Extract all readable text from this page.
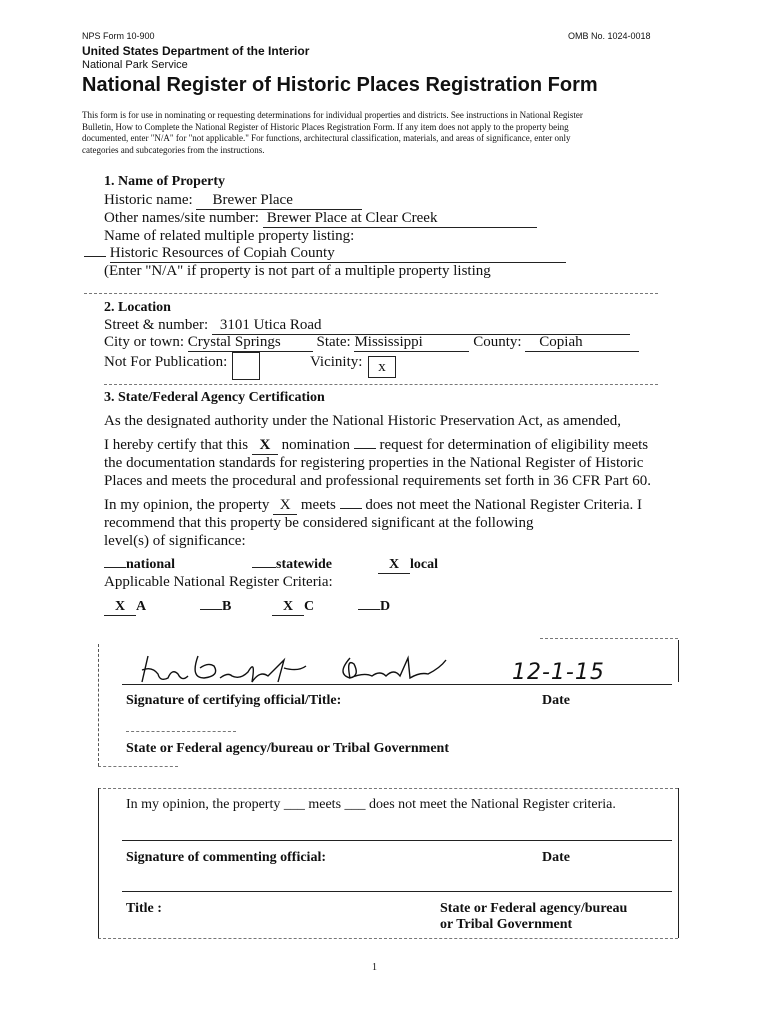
NPS Form 10-900	OMB No. 1024-0018
United States Department of the Interior
National Park Service
National Register of Historic Places Registration Form
This form is for use in nominating or requesting determinations for individual properties and districts. See instructions in National Register
Bulletin, How to Complete the National Register of Historic Places Registration Form. If any item does not apply to the property being
documented, enter "N/A" for "not applicable." For functions, architectural classification, materials, and areas of significance, enter only
categories and subcategories from the instructions.
1. Name of Property
Historic name: Brewer Place
Other names/site number: Brewer Place at Clear Creek
Name of related multiple property listing:
Historic Resources of Copiah County
(Enter "N/A" if property is not part of a multiple property listing
2. Location
Street & number: 3101 Utica Road
City or town: Crystal Springs State: Mississippi	County: Copiah
Not For Publication:	Vicinity:	x
3. State/Federal Agency Certification
As the designated authority under the National Historic Preservation Act, as amended,
I hereby certify that this X nomination request for determination of eligibility meets
the documentation standards for registering properties in the National Register of Historic
Places and meets the procedural and professional requirements set forth in 36 CFR Part 60.
In my opinion, the property X meets does not meet the National Register Criteria. I
recommend that this property be considered significant at the following
level(s) of significance:
national	statewide	X local
Applicable National Register Criteria:
X A	B	X C	D
12-1-15
Signature of certifying official/Title:	Date
State or Federal agency/bureau or Tribal Government
In my opinion, the property ___ meets ___ does not meet the National Register criteria.
Signature of commenting official:	Date
Title :	State or Federal agency/bureau
or Tribal Government
1
